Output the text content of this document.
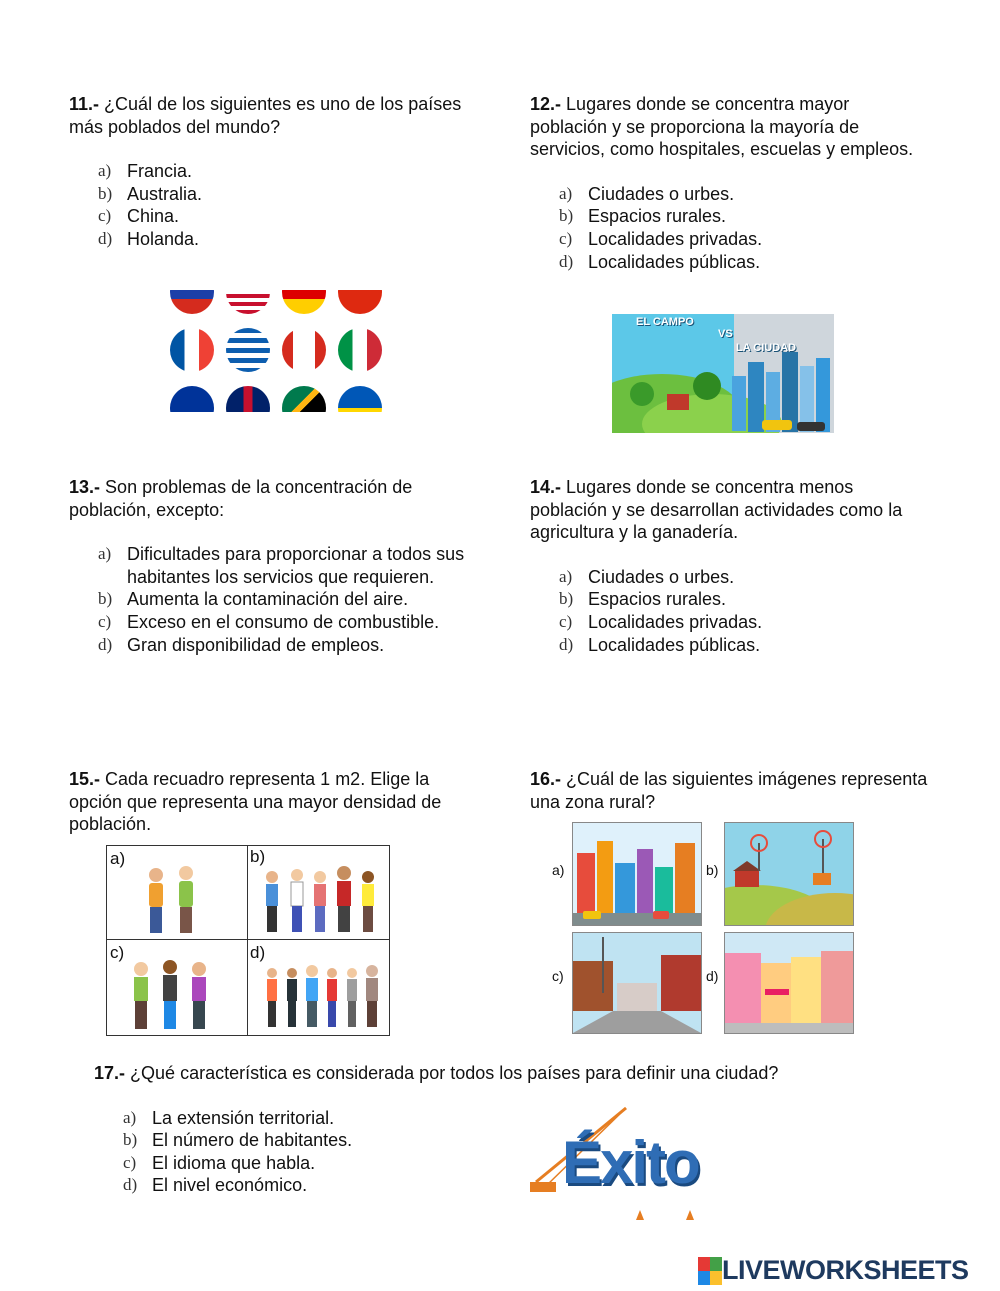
11.- ¿Cuál de los siguientes es uno de los países más poblados del mundo?
a) Francia.
b) Australia.
c) China.
d) Holanda.
12.- Lugares donde se concentra mayor población y se proporciona la mayoría de servicios, como hospitales, escuelas y empleos.
a) Ciudades o urbes.
b) Espacios rurales.
c) Localidades privadas.
d) Localidades públicas.
EL CAMPO
VS
LA CIUDAD
13.- Son problemas de la concentración de población, excepto:
a) Dificultades para proporcionar a todos sus habitantes los servicios que requieren.
b) Aumenta la contaminación del aire.
c) Exceso en el consumo de combustible.
d) Gran disponibilidad de empleos.
14.- Lugares donde se concentra menos población y se desarrollan actividades como la agricultura y la ganadería.
a) Ciudades o urbes.
b) Espacios rurales.
c) Localidades privadas.
d) Localidades públicas.
15.- Cada recuadro representa 1 m2. Elige la opción que representa una mayor densidad de población.
a)	b)
c)	d)
16.- ¿Cuál de las siguientes imágenes representa una zona rural?
a)	b)
c)	d)
17.- ¿Qué característica es considerada por todos los países para definir una ciudad?
a) La extensión territorial.
b) El número de habitantes.
c) El idioma que habla.
d) El nivel económico.	Éxito
LIVEWORKSHEETS
